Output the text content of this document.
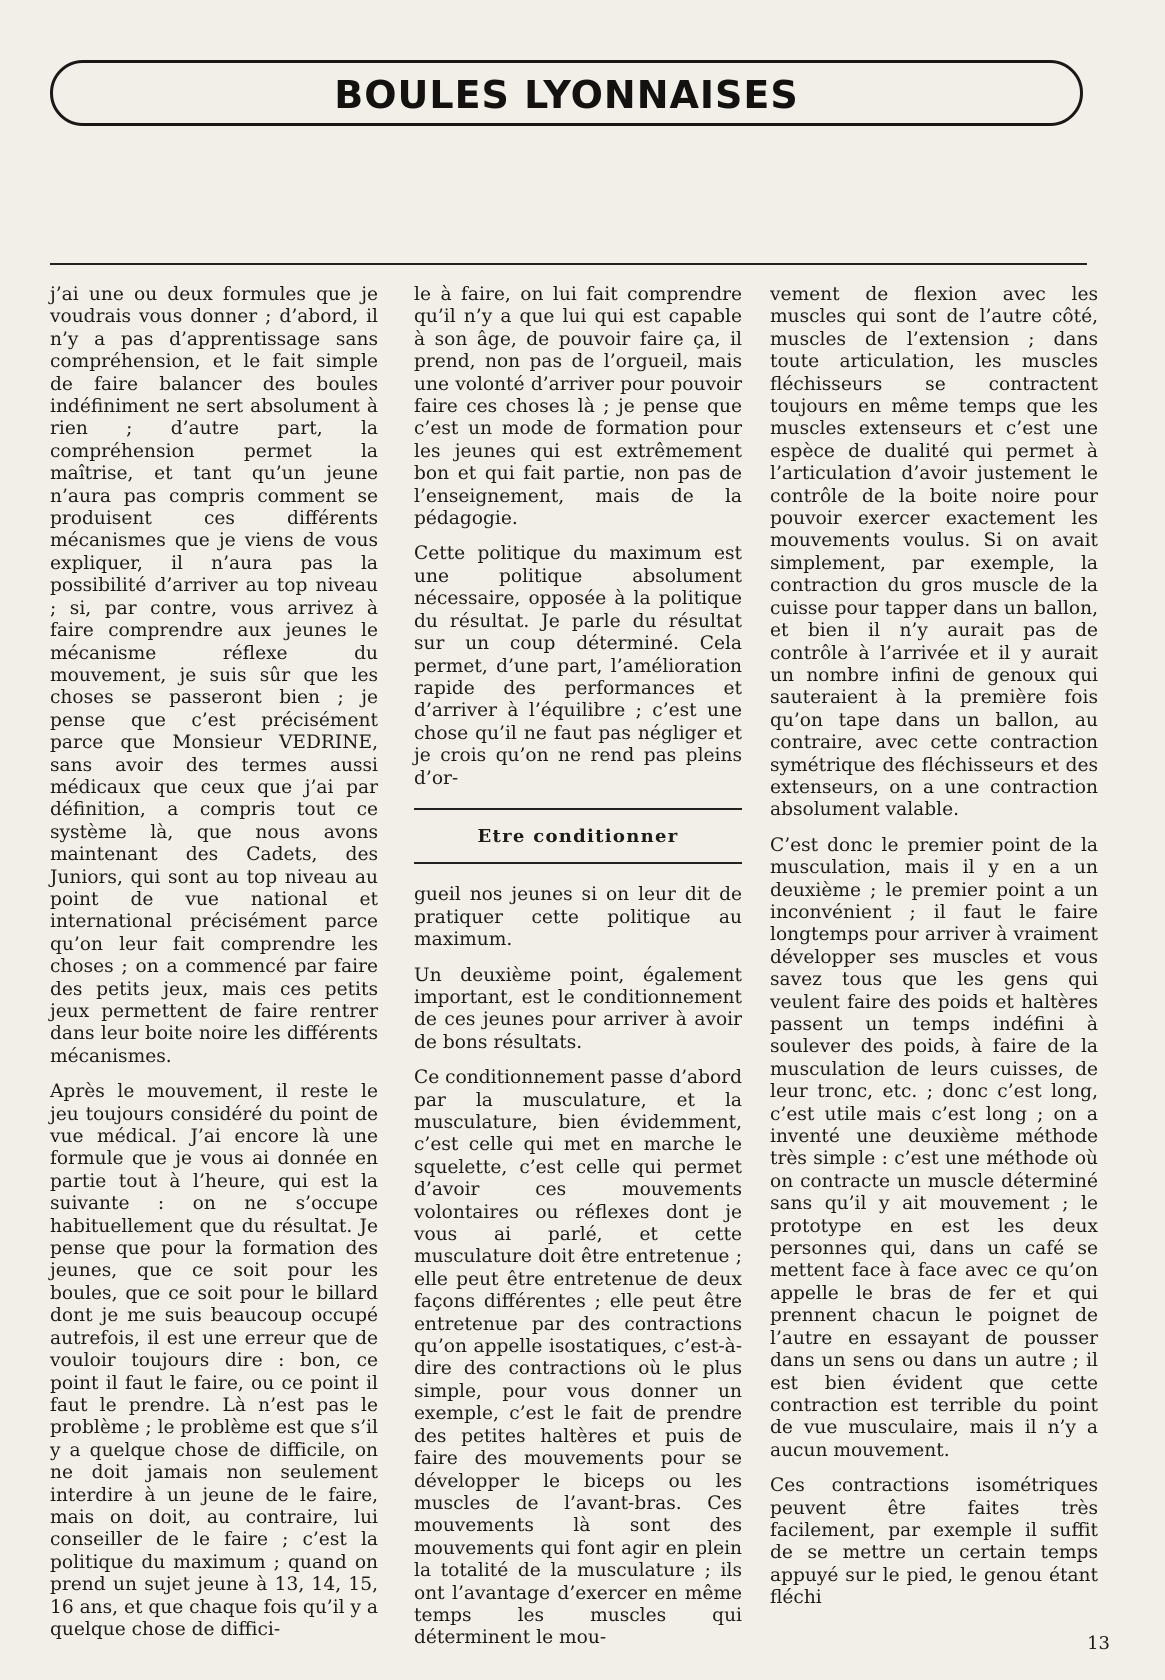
BOULES LYONNAISES

j’ai une ou deux formules que je voudrais vous donner ; d’abord, il n’y a pas d’apprentissage sans compréhension, et le fait simple de faire balancer des boules indéfiniment ne sert absolument à rien ; d’autre part, la compréhension permet la maîtrise, et tant qu’un jeune n’aura pas compris comment se produisent ces différents mécanismes que je viens de vous expliquer, il n’aura pas la possibilité d’arriver au top niveau ; si, par contre, vous arrivez à faire comprendre aux jeunes le mécanisme réflexe du mouvement, je suis sûr que les choses se passeront bien ; je pense que c’est précisément parce que Monsieur VEDRINE, sans avoir des termes aussi médicaux que ceux que j’ai par définition, a compris tout ce système là, que nous avons maintenant des Cadets, des Juniors, qui sont au top niveau au point de vue national et international précisément parce qu’on leur fait comprendre les choses ; on a commencé par faire des petits jeux, mais ces petits jeux permettent de faire rentrer dans leur boite noire les différents mécanismes.

Après le mouvement, il reste le jeu toujours considéré du point de vue médical. J’ai encore là une formule que je vous ai donnée en partie tout à l’heure, qui est la suivante : on ne s’occupe habituellement que du résultat. Je pense que pour la formation des jeunes, que ce soit pour les boules, que ce soit pour le billard dont je me suis beaucoup occupé autrefois, il est une erreur que de vouloir toujours dire : bon, ce point il faut le faire, ou ce point il faut le prendre. Là n’est pas le problème ; le problème est que s’il y a quelque chose de difficile, on ne doit jamais non seulement interdire à un jeune de le faire, mais on doit, au contraire, lui conseiller de le faire ; c’est la politique du maximum ; quand on prend un sujet jeune à 13, 14, 15, 16 ans, et que chaque fois qu’il y a quelque chose de diffici-

le à faire, on lui fait comprendre qu’il n’y a que lui qui est capable à son âge, de pouvoir faire ça, il prend, non pas de l’orgueil, mais une volonté d’arriver pour pouvoir faire ces choses là ; je pense que c’est un mode de formation pour les jeunes qui est extrêmement bon et qui fait partie, non pas de l’enseignement, mais de la pédagogie.

Cette politique du maximum est une politique absolument nécessaire, opposée à la politique du résultat. Je parle du résultat sur un coup déterminé. Cela permet, d’une part, l’amélioration rapide des performances et d’arriver à l’équilibre ; c’est une chose qu’il ne faut pas négliger et je crois qu’on ne rend pas pleins d’or-

Etre conditionner

gueil nos jeunes si on leur dit de pratiquer cette politique au maximum.

Un deuxième point, également important, est le conditionnement de ces jeunes pour arriver à avoir de bons résultats.

Ce conditionnement passe d’abord par la musculature, et la musculature, bien évidemment, c’est celle qui met en marche le squelette, c’est celle qui permet d’avoir ces mouvements volontaires ou réflexes dont je vous ai parlé, et cette musculature doit être entretenue ; elle peut être entretenue de deux façons différentes ; elle peut être entretenue par des contractions qu’on appelle isostatiques, c’est-à-dire des contractions où le plus simple, pour vous donner un exemple, c’est le fait de prendre des petites haltères et puis de faire des mouvements pour se développer le biceps ou les muscles de l’avant-bras. Ces mouvements là sont des mouvements qui font agir en plein la totalité de la musculature ; ils ont l’avantage d’exercer en même temps les muscles qui déterminent le mou-

vement de flexion avec les muscles qui sont de l’autre côté, muscles de l’extension ; dans toute articulation, les muscles fléchisseurs se contractent toujours en même temps que les muscles extenseurs et c’est une espèce de dualité qui permet à l’articulation d’avoir justement le contrôle de la boite noire pour pouvoir exercer exactement les mouvements voulus. Si on avait simplement, par exemple, la contraction du gros muscle de la cuisse pour tapper dans un ballon, et bien il n’y aurait pas de contrôle à l’arrivée et il y aurait un nombre infini de genoux qui sauteraient à la première fois qu’on tape dans un ballon, au contraire, avec cette contraction symétrique des fléchisseurs et des extenseurs, on a une contraction absolument valable.

C’est donc le premier point de la musculation, mais il y en a un deuxième ; le premier point a un inconvénient ; il faut le faire longtemps pour arriver à vraiment développer ses muscles et vous savez tous que les gens qui veulent faire des poids et haltères passent un temps indéfini à soulever des poids, à faire de la musculation de leurs cuisses, de leur tronc, etc. ; donc c’est long, c’est utile mais c’est long ; on a inventé une deuxième méthode très simple : c’est une méthode où on contracte un muscle déterminé sans qu’il y ait mouvement ; le prototype en est les deux personnes qui, dans un café se mettent face à face avec ce qu’on appelle le bras de fer et qui prennent chacun le poignet de l’autre en essayant de pousser dans un sens ou dans un autre ; il est bien évident que cette contraction est terrible du point de vue musculaire, mais il n’y a aucun mouvement.

Ces contractions isométriques peuvent être faites très facilement, par exemple il suffit de se mettre un certain temps appuyé sur le pied, le genou étant fléchi

13
